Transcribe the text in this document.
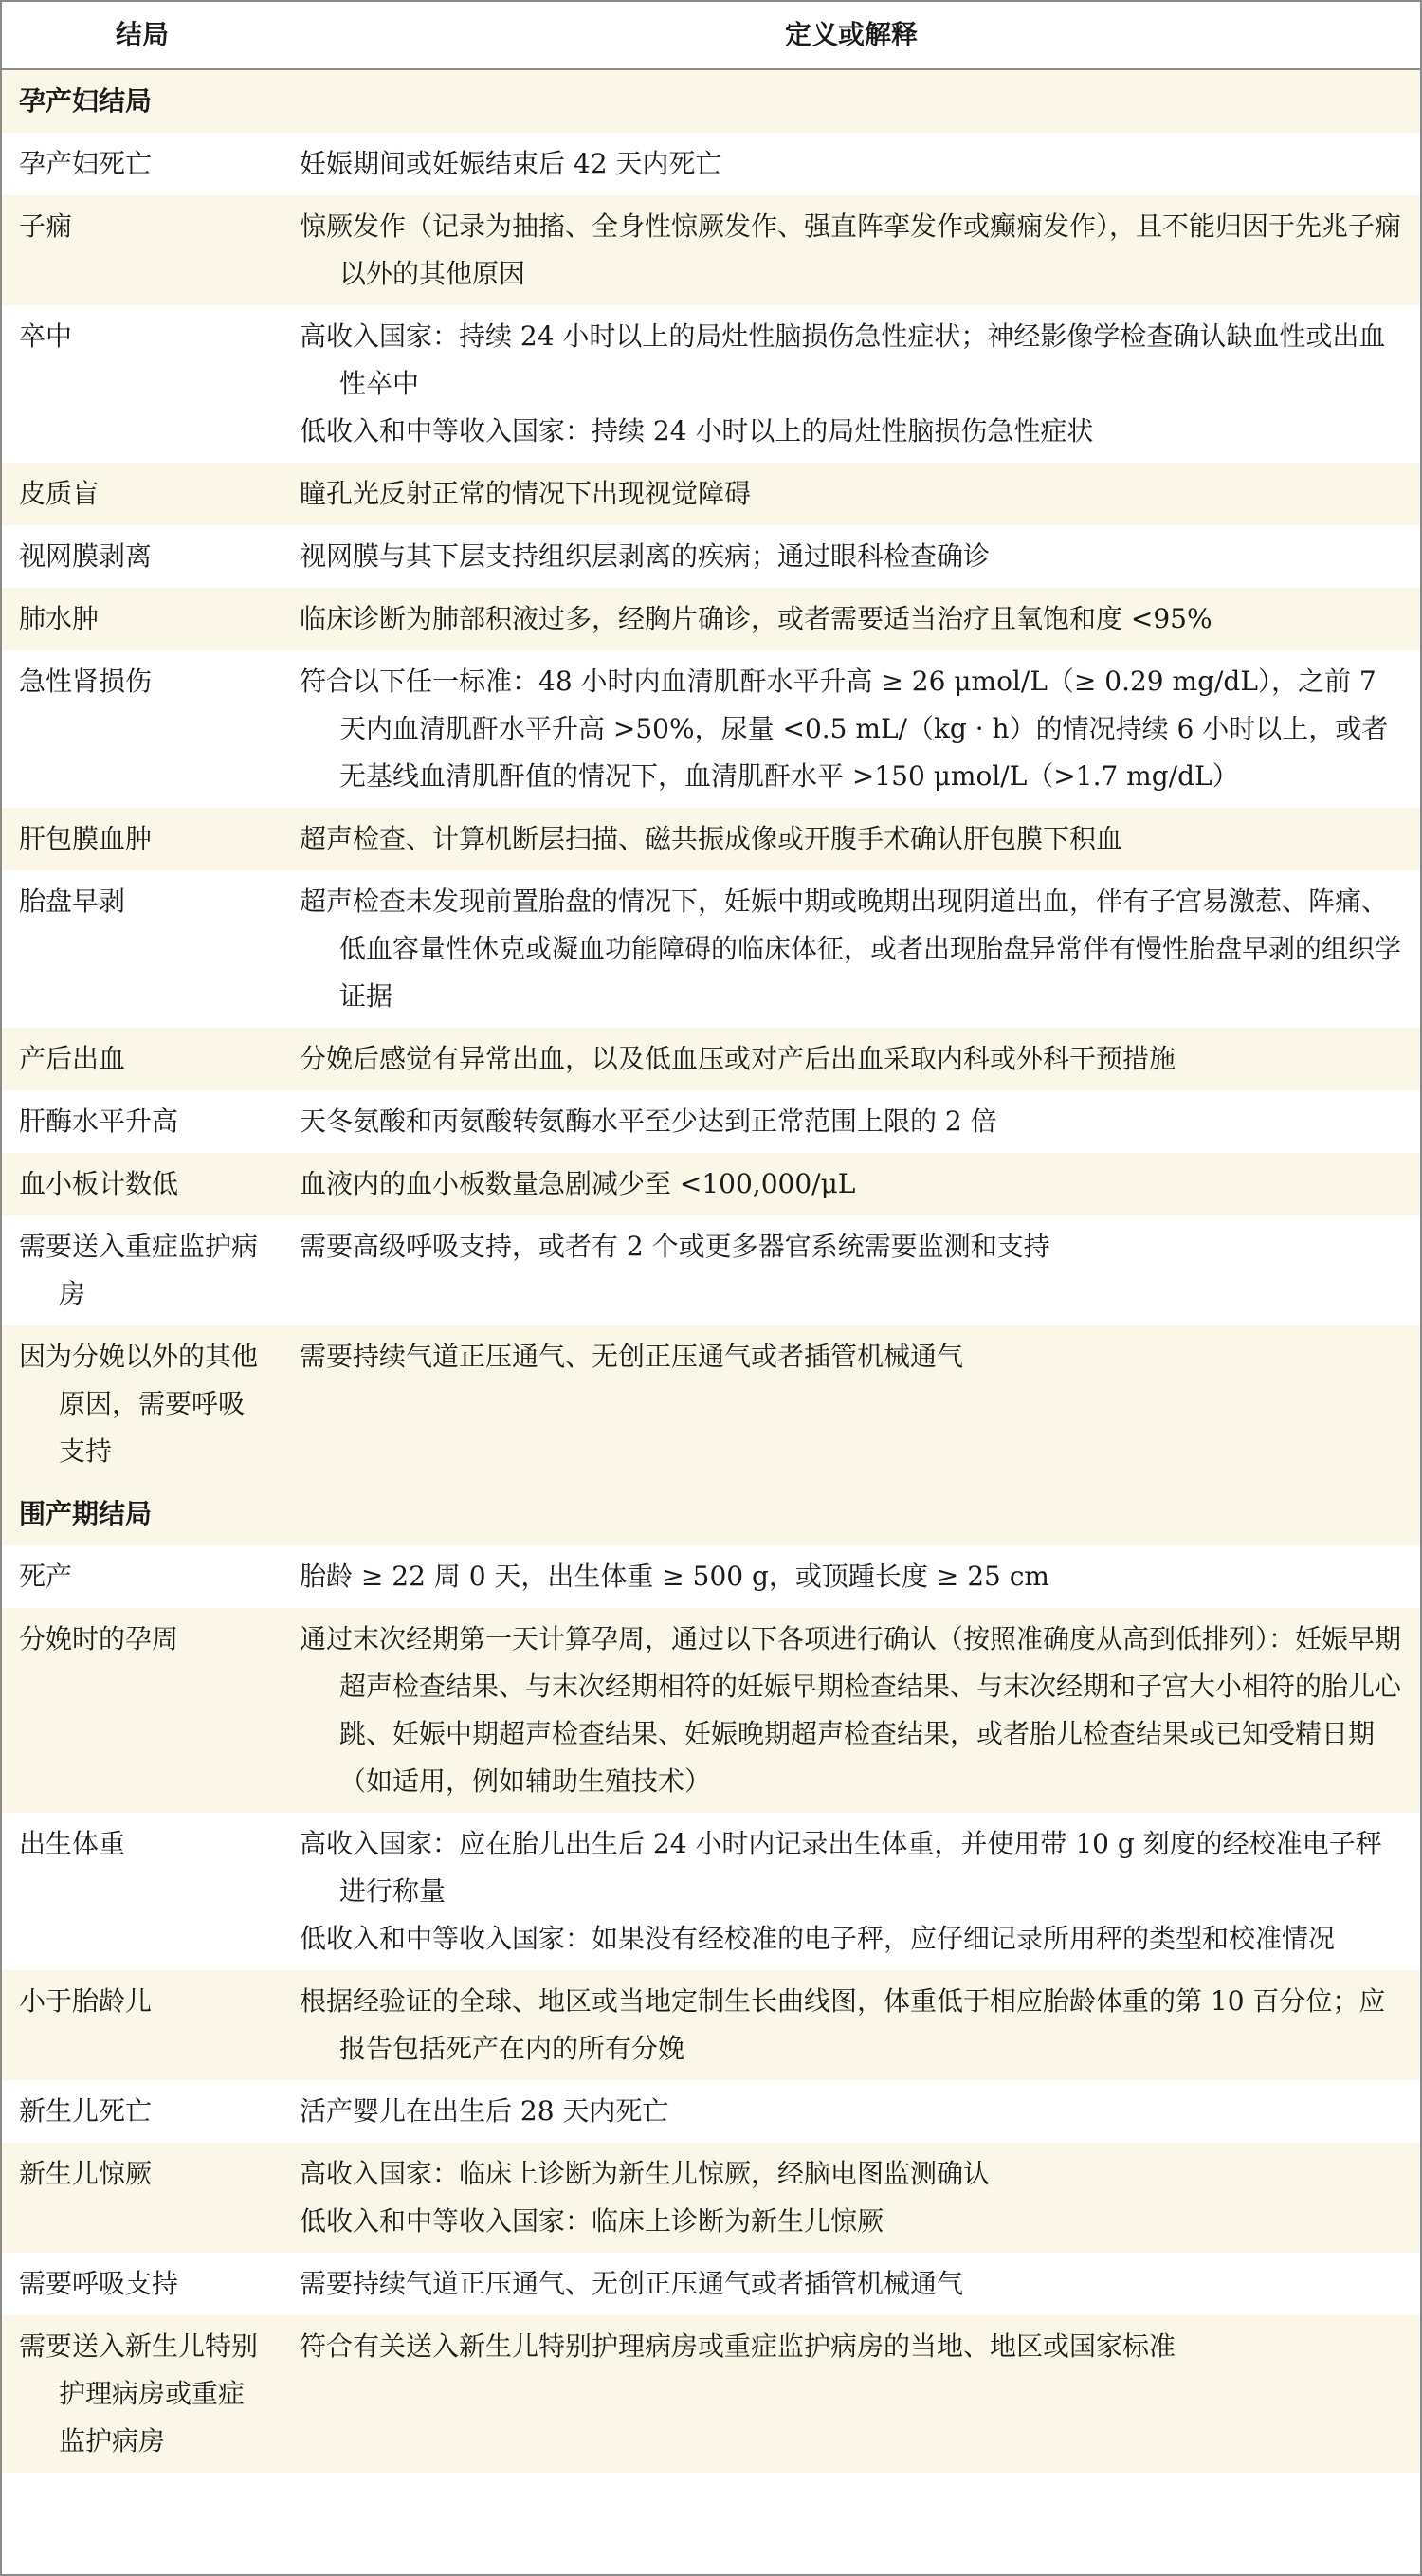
结局	定义或解释
孕产妇结局	

孕产妇死亡	妊娠期间或妊娠结束后 42 天内死亡

子痫	惊厥发作（记录为抽搐、全身性惊厥发作、强直阵挛发作或癫痫发作），且不能归因于先兆子痫以外的其他原因

卒中	高收入国家：持续 24 小时以上的局灶性脑损伤急性症状；神经影像学检查确认缺血性或出血性卒中
低收入和中等收入国家：持续 24 小时以上的局灶性脑损伤急性症状

皮质盲	瞳孔光反射正常的情况下出现视觉障碍

视网膜剥离	视网膜与其下层支持组织层剥离的疾病；通过眼科检查确诊

肺水肿	临床诊断为肺部积液过多，经胸片确诊，或者需要适当治疗且氧饱和度 <95%

急性肾损伤	符合以下任一标准：48 小时内血清肌酐水平升高 ≥ 26 μmol/L（≥ 0.29 mg/dL），之前 7 天内血清肌酐水平升高 >50%，尿量 <0.5 mL/（kg · h）的情况持续 6 小时以上，或者无基线血清肌酐值的情况下，血清肌酐水平 >150 μmol/L（>1.7 mg/dL）

肝包膜血肿	超声检查、计算机断层扫描、磁共振成像或开腹手术确认肝包膜下积血

胎盘早剥	超声检查未发现前置胎盘的情况下，妊娠中期或晚期出现阴道出血，伴有子宫易激惹、阵痛、低血容量性休克或凝血功能障碍的临床体征，或者出现胎盘异常伴有慢性胎盘早剥的组织学证据

产后出血	分娩后感觉有异常出血，以及低血压或对产后出血采取内科或外科干预措施

肝酶水平升高	天冬氨酸和丙氨酸转氨酶水平至少达到正常范围上限的 2 倍

血小板计数低	血液内的血小板数量急剧减少至 <100,000/μL

需要送入重症监护病房	需要高级呼吸支持，或者有 2 个或更多器官系统需要监测和支持

因为分娩以外的其他原因，需要呼吸支持	需要持续气道正压通气、无创正压通气或者插管机械通气

围产期结局	

死产	胎龄 ≥ 22 周 0 天，出生体重 ≥ 500 g，或顶踵长度 ≥ 25 cm

分娩时的孕周	通过末次经期第一天计算孕周，通过以下各项进行确认（按照准确度从高到低排列）：妊娠早期超声检查结果、与末次经期相符的妊娠早期检查结果、与末次经期和子宫大小相符的胎儿心跳、妊娠中期超声检查结果、妊娠晚期超声检查结果，或者胎儿检查结果或已知受精日期（如适用，例如辅助生殖技术）

出生体重	高收入国家：应在胎儿出生后 24 小时内记录出生体重，并使用带 10 g 刻度的经校准电子秤进行称量
低收入和中等收入国家：如果没有经校准的电子秤，应仔细记录所用秤的类型和校准情况

小于胎龄儿	根据经验证的全球、地区或当地定制生长曲线图，体重低于相应胎龄体重的第 10 百分位；应报告包括死产在内的所有分娩

新生儿死亡	活产婴儿在出生后 28 天内死亡

新生儿惊厥	高收入国家：临床上诊断为新生儿惊厥，经脑电图监测确认
低收入和中等收入国家：临床上诊断为新生儿惊厥

需要呼吸支持	需要持续气道正压通气、无创正压通气或者插管机械通气

需要送入新生儿特别护理病房或重症监护病房	符合有关送入新生儿特别护理病房或重症监护病房的当地、地区或国家标准
